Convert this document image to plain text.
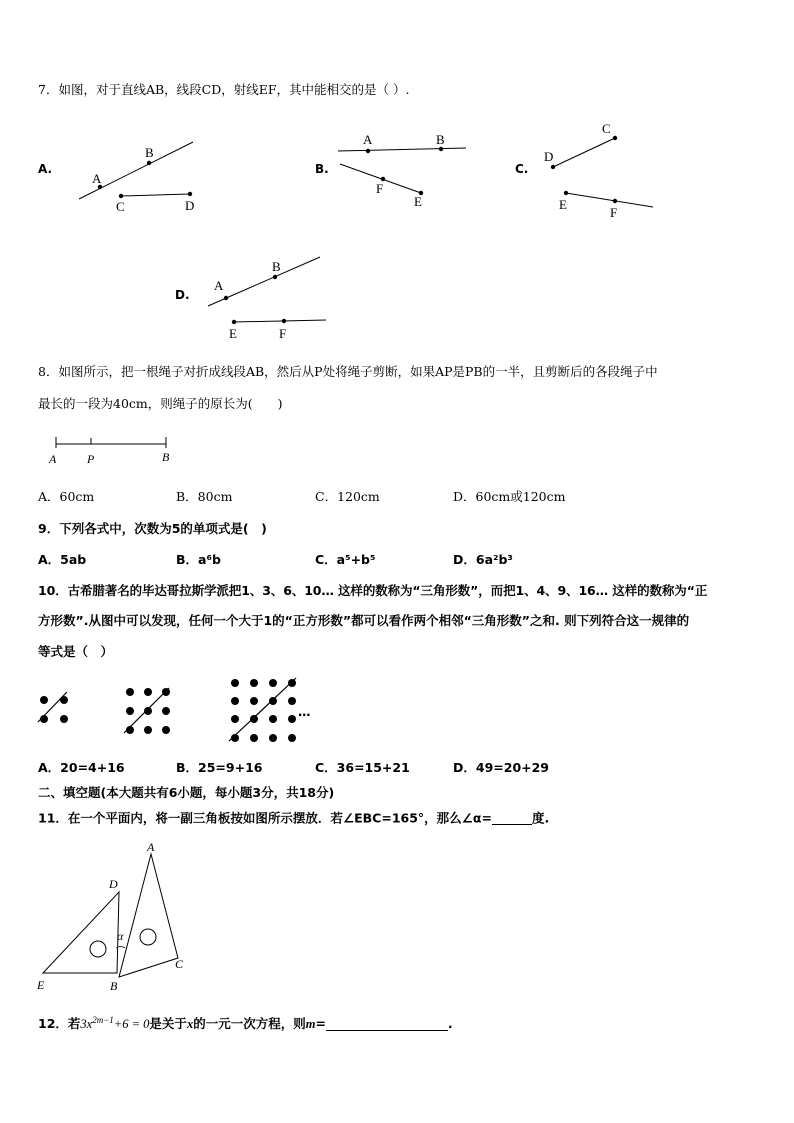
7．如图，对于直线AB，线段CD，射线EF，其中能相交的是（ ）.
A.	B.	C.
D.
A
B
C	D
A	B
F
E
C
D
E
F
A
B
E	F
A	P	B
A
D
α
C
E	B
8．如图所示，把一根绳子对折成线段AB，然后从P处将绳子剪断，如果AP是PB的一半，且剪断后的各段绳子中
最长的一段为40cm，则绳子的原长为(　　)
A．60cm	B．80cm	C．120cm	D．60cm或120cm
9．下列各式中，次数为5的单项式是(　)
A．5ab	B．a⁶b	C．a⁵+b⁵	D．6a²b³
10．古希腊著名的毕达哥拉斯学派把1、3、6、10… 这样的数称为“三角形数”，而把1、4、9、16… 这样的数称为“正
方形数”.从图中可以发现，任何一个大于1的“正方形数”都可以看作两个相邻“三角形数”之和. 则下列符合这一规律的
等式是（　）
…
A．20=4+16	B．25=9+16	C．36=15+21	D．49=20+29
二、填空题(本大题共有6小题，每小题3分，共18分)
11．在一个平面内，将一副三角板按如图所示摆放．若∠EBC=165°，那么∠α=	度.
12．若$3x^{2m-1}+6 = 0$是关于x的一元一次方程，则m=	.
